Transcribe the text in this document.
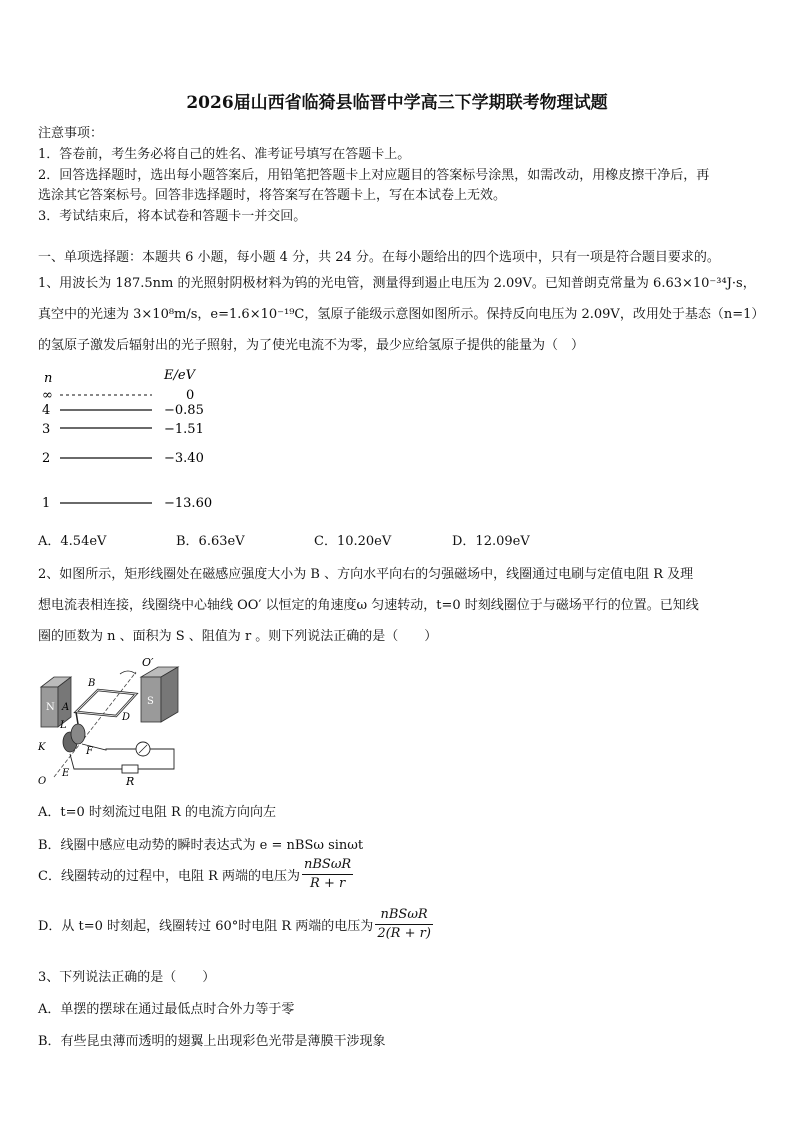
2026届山西省临猗县临晋中学高三下学期联考物理试题
注意事项：
1．答卷前，考生务必将自己的姓名、准考证号填写在答题卡上。
2．回答选择题时，选出每小题答案后，用铅笔把答题卡上对应题目的答案标号涂黑，如需改动，用橡皮擦干净后，再
选涂其它答案标号。回答非选择题时，将答案写在答题卡上，写在本试卷上无效。
3．考试结束后，将本试卷和答题卡一并交回。
一、单项选择题：本题共 6 小题，每小题 4 分，共 24 分。在每小题给出的四个选项中，只有一项是符合题目要求的。
1、用波长为 187.5nm 的光照射阴极材料为钨的光电管，测量得到遏止电压为 2.09V。已知普朗克常量为 6.63×10⁻³⁴J·s，
真空中的光速为 3×10⁸m/s，e=1.6×10⁻¹⁹C，氢原子能级示意图如图所示。保持反向电压为 2.09V，改用处于基态（n=1）
的氢原子激发后辐射出的光子照射，为了使光电流不为零，最少应给氢原子提供的能量为（　）
n	E/eV
∞	0
4	−0.85
3	−1.51
2	−3.40
1	−13.60
A．4.54eV	B．6.63eV	C．10.20eV	D．12.09eV
2、如图所示，矩形线圈处在磁感应强度大小为 B 、方向水平向右的匀强磁场中，线圈通过电刷与定值电阻 R 及理
想电流表相连接，线圈绕中心轴线 OO′ 以恒定的角速度ω 匀速转动，t=0 时刻线圈位于与磁场平行的位置。已知线
圈的匝数为 n 、面积为 S 、阻值为 r 。则下列说法正确的是（　　）
O′
B
N
S
A
D
L
K	F
E
O	R
A．t=0 时刻流过电阻 R 的电流方向向左
B．线圈中感应电动势的瞬时表达式为 e = nBSω sinωt
C．线圈转动的过程中，电阻 R 两端的电压为 $\frac{\text{nBSωR}}{R + r}$
D．从 t=0 时刻起，线圈转过 60°时电阻 R 两端的电压为 $\frac{\text{nBSωR}}{2(R + r)}$
3、下列说法正确的是（　　）
A．单摆的摆球在通过最低点时合外力等于零
B．有些昆虫薄而透明的翅翼上出现彩色光带是薄膜干涉现象
